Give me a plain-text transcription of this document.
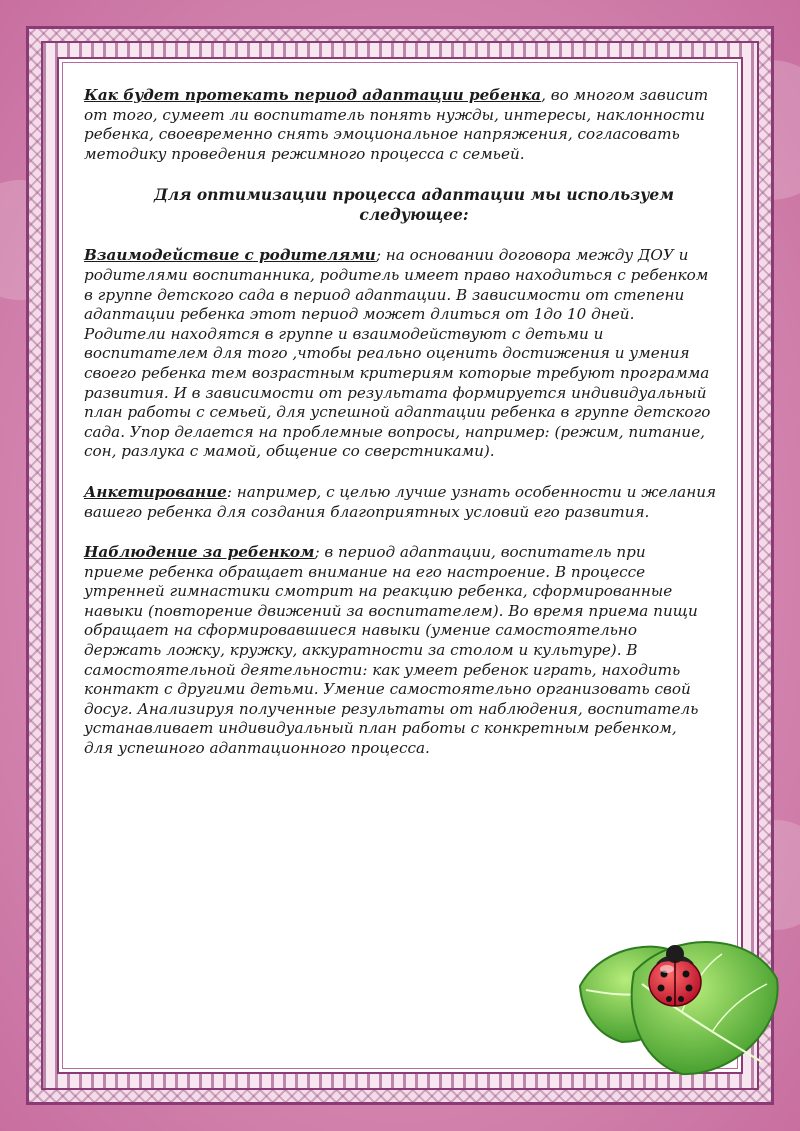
Как будет протекать период адаптации ребенка, во многом зависит от того, сумеет ли воспитатель понять нужды, интересы, наклонности ребенка, своевременно снять эмоциональное напряжения, согласовать методику проведения режимного процесса с семьей.

Для оптимизации процесса адаптации мы используем следующее:

Взаимодействие с родителями; на основании договора между ДОУ и родителями воспитанника, родитель имеет право находиться с ребенком в группе детского сада в период адаптации. В зависимости от степени адаптации ребенка этот период может длиться от 1до 10 дней. Родители находятся в группе и взаимодействуют с детьми и воспитателем для того ,чтобы реально оценить достижения и умения своего ребенка тем возрастным критериям которые требуют программа развития. И в зависимости от результата формируется индивидуальный план работы с семьей, для успешной адаптации ребенка в группе детского сада. Упор делается на проблемные вопросы, например: (режим, питание, сон, разлука с мамой, общение со сверстниками).

Анкетирование: например, с целью лучше узнать особенности и желания вашего ребенка для создания благоприятных условий его развития.

Наблюдение за ребенком; в период адаптации, воспитатель при приеме ребенка обращает внимание на его настроение. В процессе утренней гимнастики смотрит на реакцию ребенка, сформированные навыки (повторение движений за воспитателем). Во время приема пищи обращает на сформировавшиеся навыки (умение самостоятельно держать ложку, кружку, аккуратности за столом и культуре). В самостоятельной деятельности: как умеет ребенок играть, находить контакт с другими детьми. Умение самостоятельно организовать свой досуг. Анализируя полученные результаты от наблюдения, воспитатель устанавливает индивидуальный план работы с конкретным ребенком, для успешного адаптационного процесса.
